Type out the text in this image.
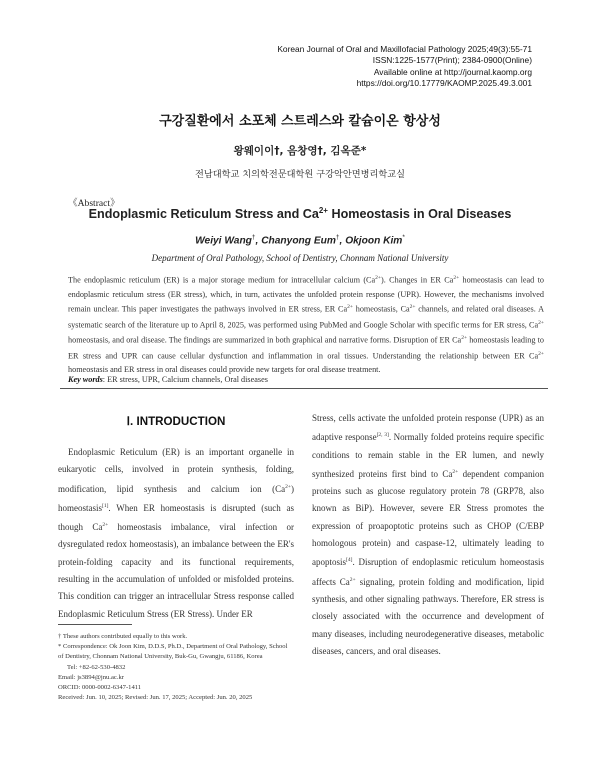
Korean Journal of Oral and Maxillofacial Pathology 2025;49(3):55-71
ISSN:1225-1577(Print); 2384-0900(Online)
Available online at http://journal.kaomp.org
https://doi.org/10.17779/KAOMP.2025.49.3.001
구강질환에서 소포체 스트레스와 칼슘이온 항상성
왕웨이이†, 음창영†, 김옥준*
전남대학교 치의학전문대학원 구강악안면병리학교실
《Abstract》
Endoplasmic Reticulum Stress and $Ca^{2+}$ Homeostasis in Oral Diseases
Weiyi Wang†, Chanyong Eum†, Okjoon Kim*
Department of Oral Pathology, School of Dentistry, Chonnam National University
The endoplasmic reticulum (ER) is a major storage medium for intracellular calcium $(Ca^{2+})$. Changes in ER $Ca^{2+}$ homeostasis can lead to endoplasmic reticulum stress (ER stress), which, in turn, activates the unfolded protein response (UPR). However, the mechanisms involved remain unclear. This paper investigates the pathways involved in ER stress, ER $Ca^{2+}$ homeostasis, $Ca^{2+}$ channels, and related oral diseases. A systematic search of the literature up to April 8, 2025, was performed using PubMed and Google Scholar with specific terms for ER stress, $Ca^{2+}$ homeostasis, and oral disease. The findings are summarized in both graphical and narrative forms. Disruption of ER $Ca^{2+}$ homeostasis leading to ER stress and UPR can cause cellular dysfunction and inflammation in oral tissues. Understanding the relationship between ER $Ca^{2+}$ homeostasis and ER stress in oral diseases could provide new targets for oral disease treatment.
Key words: ER stress, UPR, Calcium channels, Oral diseases
Ⅰ. INTRODUCTION

Endoplasmic Reticulum (ER) is an important organelle in eukaryotic cells, involved in protein synthesis, folding, modification, lipid synthesis and calcium ion $(Ca^{2+})$ homeostasis[1]. When ER homeostasis is disrupted (such as though $Ca^{2+}$ homeostasis imbalance, viral infection or dysregulated redox homeostasis), an imbalance between the ER's protein-folding capacity and its functional requirements, resulting in the accumulation of unfolded or misfolded proteins. This condition can trigger an intracellular Stress response called Endoplasmic Reticulum Stress (ER Stress). Under ER

Stress, cells activate the unfolded protein response (UPR) as an adaptive response[2, 3]. Normally folded proteins require specific conditions to remain stable in the ER lumen, and newly synthesized proteins first bind to $Ca^{2+}$ dependent companion proteins such as glucose regulatory protein 78 (GRP78, also known as BiP). However, severe ER Stress promotes the expression of proapoptotic proteins such as CHOP (C/EBP homologous protein) and caspase-12, ultimately leading to apoptosis[4]. Disruption of endoplasmic reticulum homeostasis affects $Ca^{2+}$ signaling, protein folding and modification, lipid synthesis, and other signaling pathways. Therefore, ER stress is closely associated with the occurrence and development of many diseases, including neurodegenerative diseases, metabolic diseases, cancers, and oral diseases.

† These authors contributed equally to this work.

* Correspondence: Ok Joon Kim, D.D.S, Ph.D., Department of Oral Pathology, School of Dentistry, Chonnam National University, Buk-Gu, Gwangju, 61186, Korea

Tel: +82-62-530-4832

Email: js3894@jnu.ac.kr

ORCID: 0000-0002-6347-1411

Received: Jun. 10, 2025; Revised: Jun. 17, 2025; Accepted: Jun. 20, 2025
